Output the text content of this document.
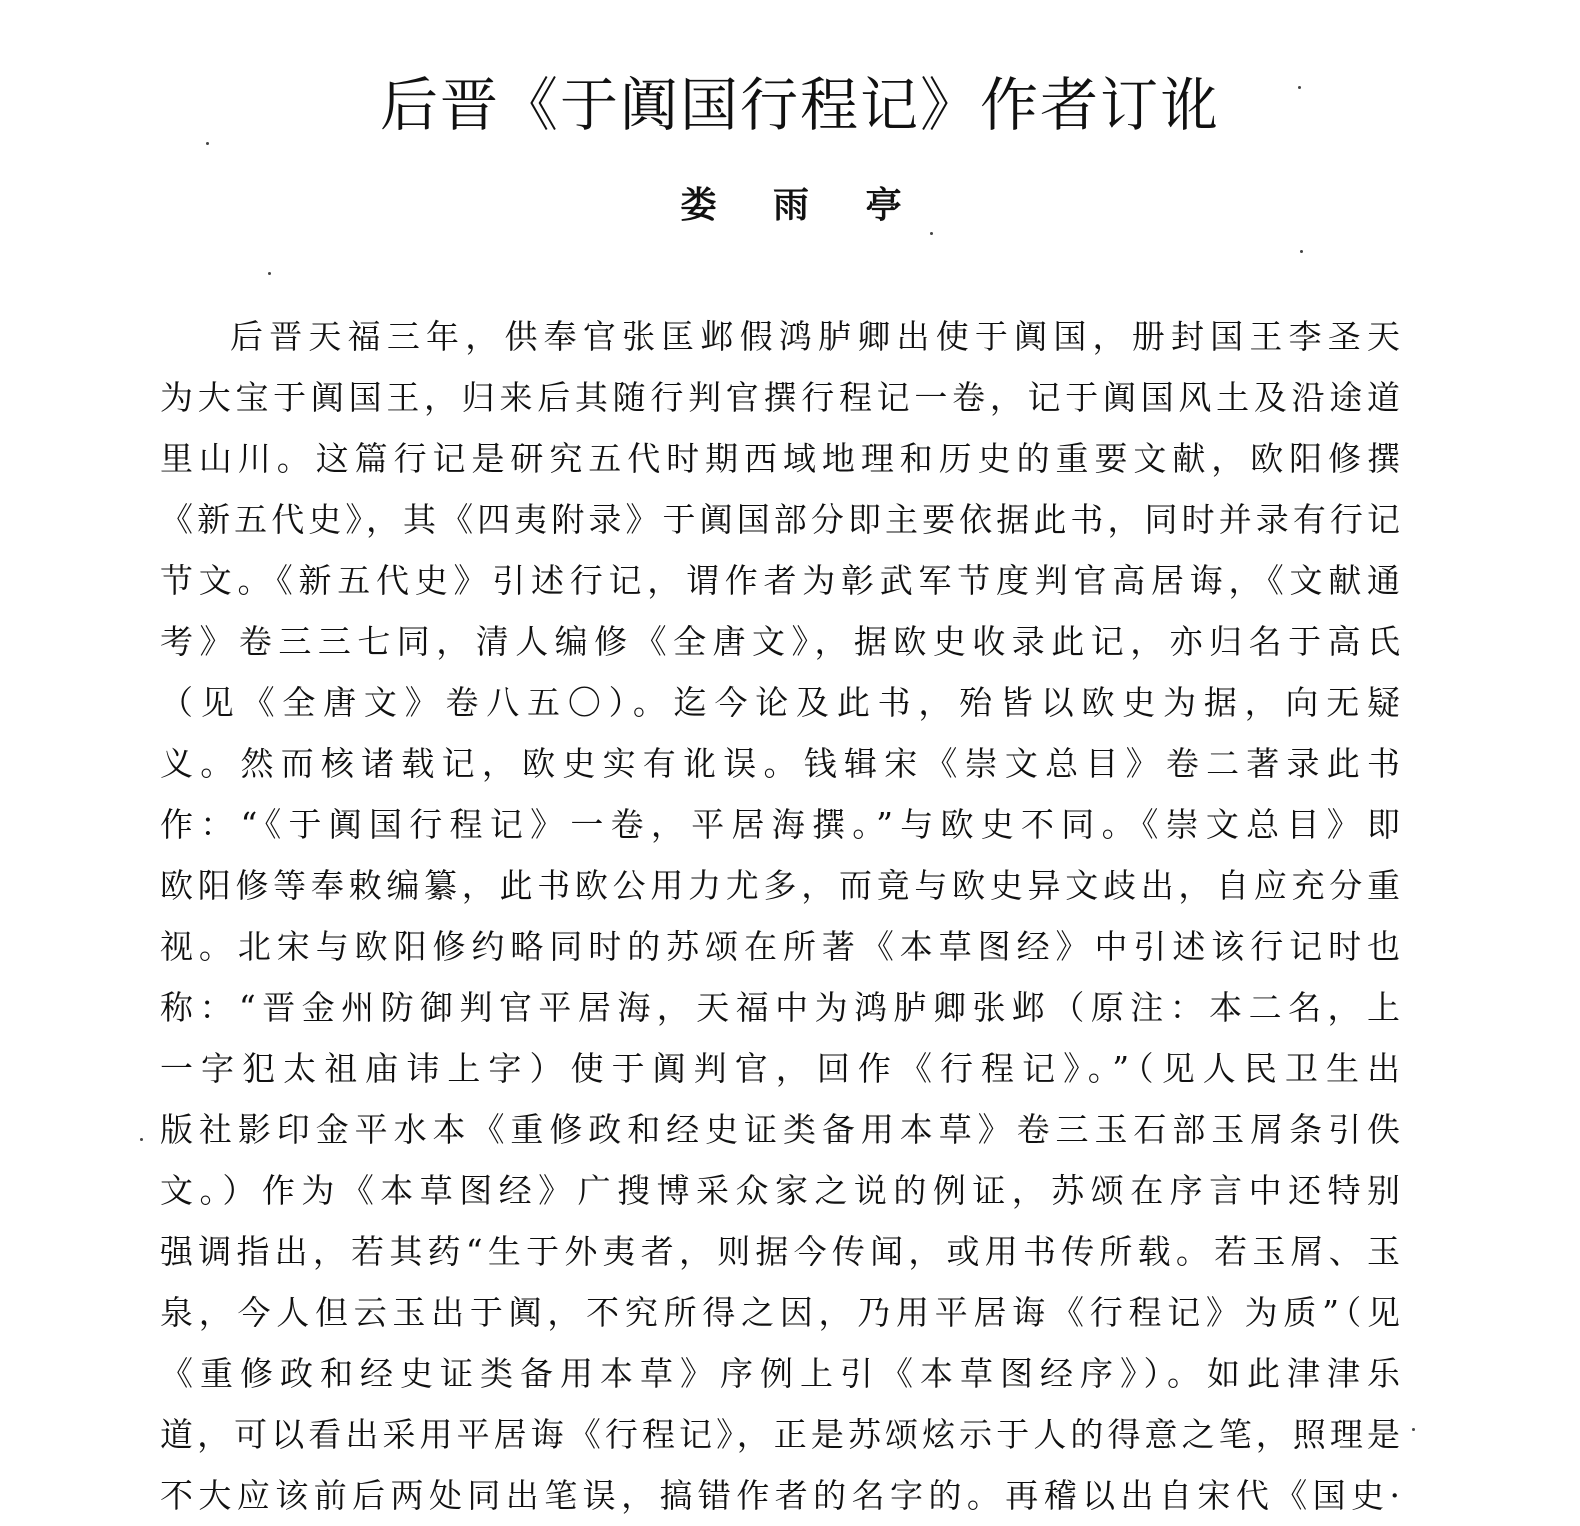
后晋《于阗国行程记》作者订讹
娄 雨 亭
后晋天福三年，供奉官张匡邺假鸿胪卿出使于阗国，册封国王李圣天
为大宝于阗国王，归来后其随行判官撰行程记一卷，记于阗国风土及沿途道
里山川。这篇行记是研究五代时期西域地理和历史的重要文献，欧阳修撰
《新五代史》，其《四夷附录》于阗国部分即主要依据此书，同时并录有行记
节文。《新五代史》引述行记，谓作者为彰武军节度判官高居诲，《文献通
考》卷三三七同，清人编修《全唐文》，据欧史收录此记，亦归名于高氏
（见《全唐文》卷八五〇）。迄今论及此书，殆皆以欧史为据，向无疑
义。然而核诸载记，欧史实有讹误。钱辑宋《崇文总目》卷二著录此书
作：“《于阗国行程记》一卷，平居海撰。”与欧史不同。《崇文总目》即
欧阳修等奉敕编纂，此书欧公用力尤多，而竟与欧史异文歧出，自应充分重
视。北宋与欧阳修约略同时的苏颂在所著《本草图经》中引述该行记时也
称：“晋金州防御判官平居海，天福中为鸿胪卿张邺（原注：本二名，上
一字犯太祖庙讳上字）使于阗判官，回作《行程记》。”（见人民卫生出
版社影印金平水本《重修政和经史证类备用本草》卷三玉石部玉屑条引佚
文。）作为《本草图经》广搜博采众家之说的例证，苏颂在序言中还特别
强调指出，若其药“生于外夷者，则据今传闻，或用书传所载。若玉屑、玉
泉，今人但云玉出于阗，不究所得之因，乃用平居诲《行程记》为质”（见
《重修政和经史证类备用本草》序例上引《本草图经序》）。如此津津乐
道，可以看出采用平居诲《行程记》，正是苏颂炫示于人的得意之笔，照理是
不大应该前后两处同出笔误，搞错作者的名字的。再稽以出自宋代《国史·
